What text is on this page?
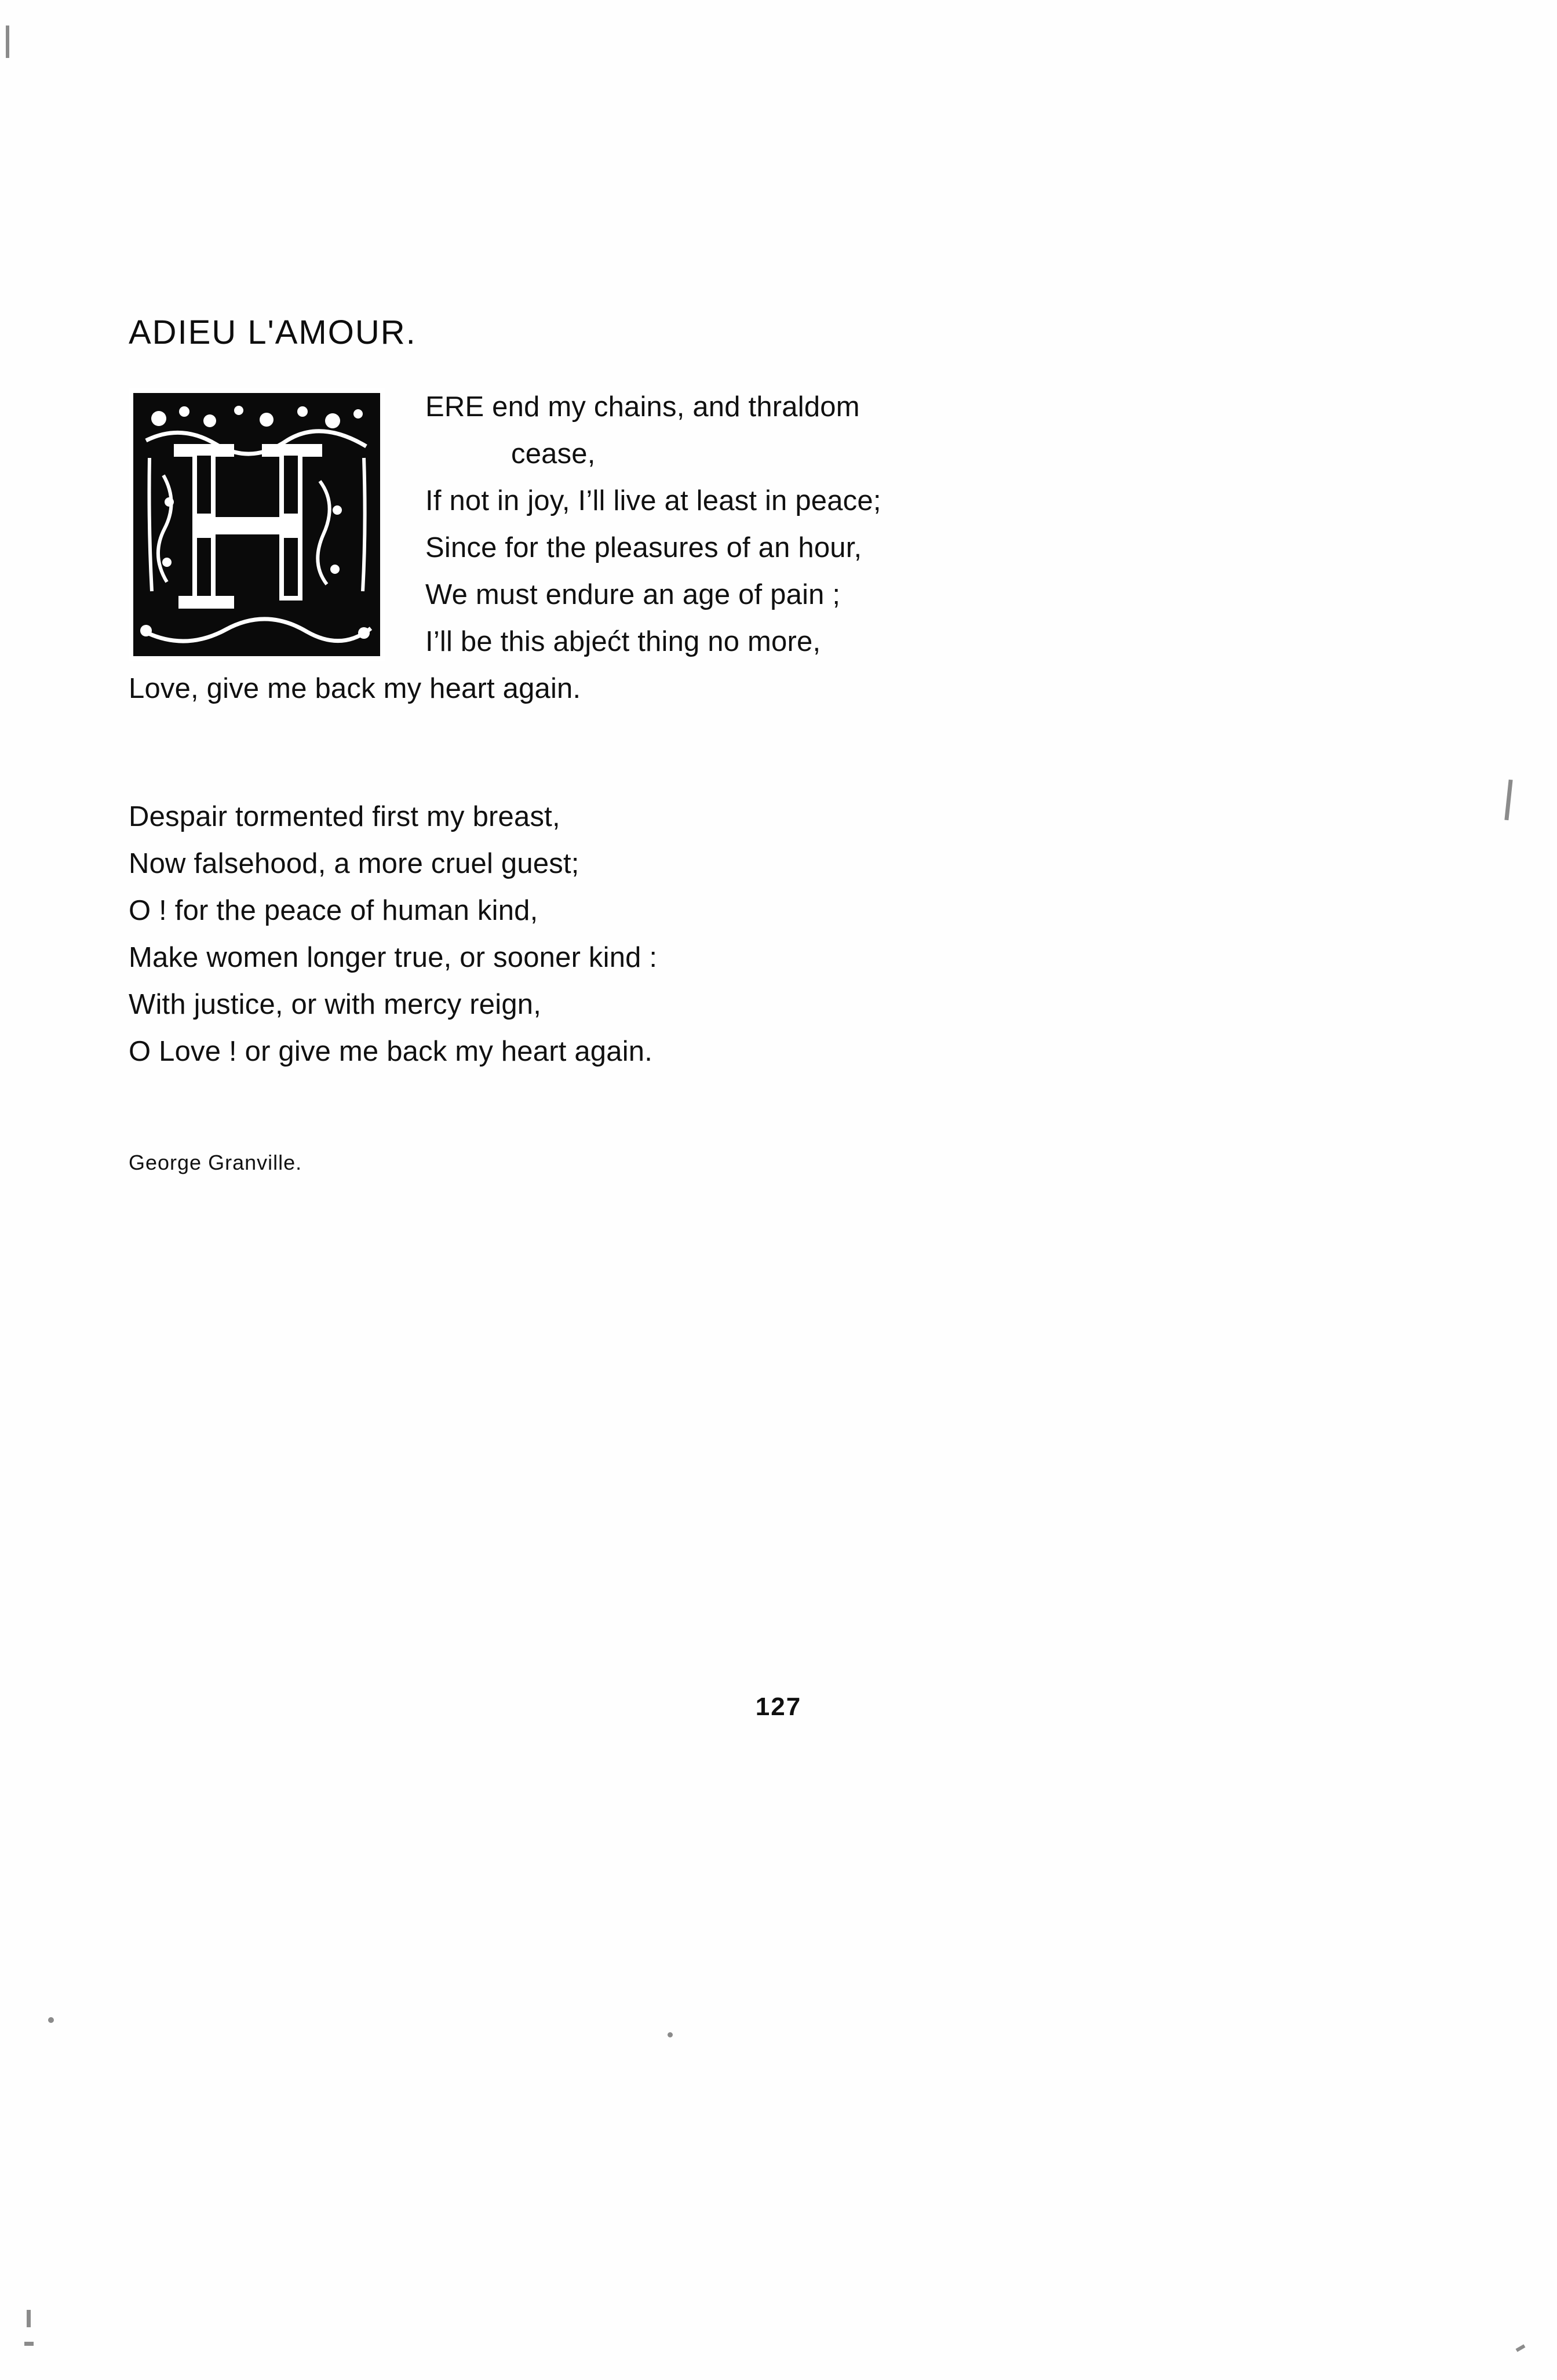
ADIEU L'AMOUR.
ERE end my chains, and thraldom
cease,
If not in joy, I’ll live at least in peace;
Since for the pleasures of an hour,
We must endure an age of pain ;
I’ll be this abjećt thing no more,
Love, give me back my heart again.
Despair tormented first my breast,
Now falsehood, a more cruel guest;
O ! for the peace of human kind,
Make women longer true, or sooner kind :
With justice, or with mercy reign,
O Love ! or give me back my heart again.
George Granville.
127
